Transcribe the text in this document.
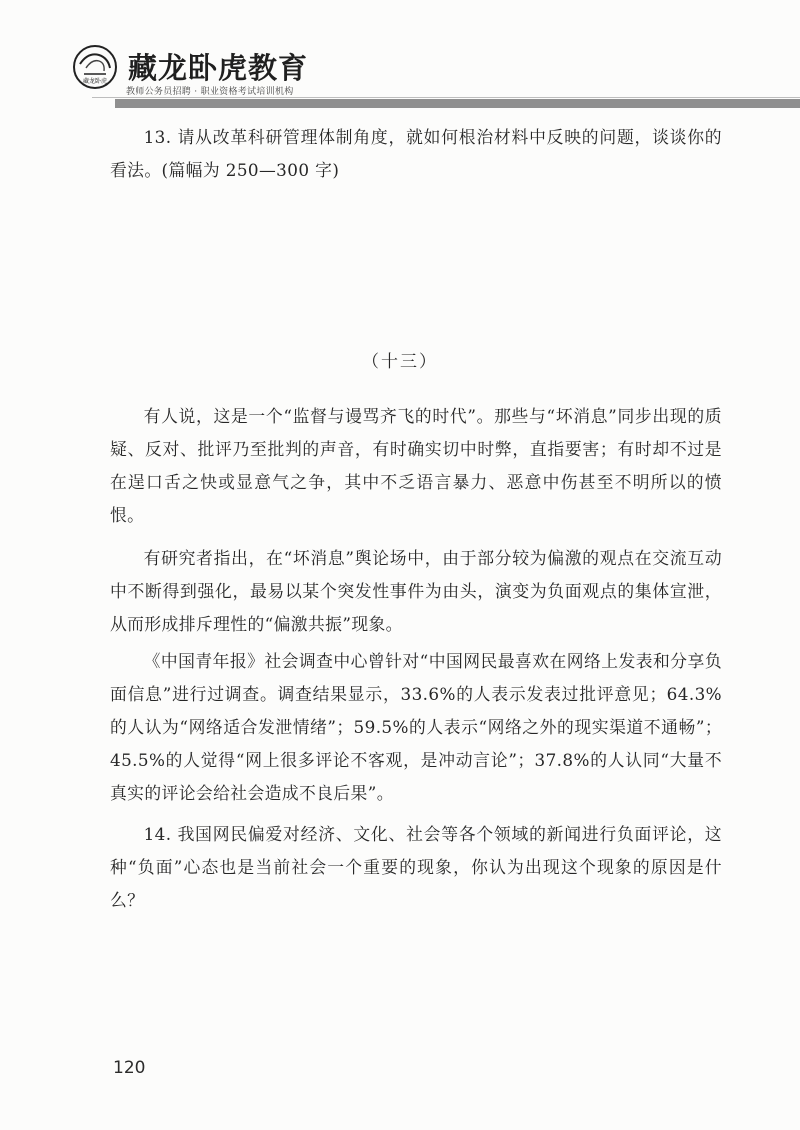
藏龙卧虎 藏龙卧虎教育
教师公务员招聘 · 职业资格考试培训机构
13. 请从改革科研管理体制角度，就如何根治材料中反映的问题，谈谈你的看法。(篇幅为 250—300 字)
（十三）
有人说，这是一个“监督与谩骂齐飞的时代”。那些与“坏消息”同步出现的质疑、反对、批评乃至批判的声音，有时确实切中时弊，直指要害；有时却不过是在逞口舌之快或显意气之争，其中不乏语言暴力、恶意中伤甚至不明所以的愤恨。
有研究者指出，在“坏消息”舆论场中，由于部分较为偏激的观点在交流互动中不断得到强化，最易以某个突发性事件为由头，演变为负面观点的集体宣泄，从而形成排斥理性的“偏激共振”现象。
《中国青年报》社会调查中心曾针对“中国网民最喜欢在网络上发表和分享负面信息”进行过调查。调查结果显示，33.6%的人表示发表过批评意见；64.3%的人认为“网络适合发泄情绪”；59.5%的人表示“网络之外的现实渠道不通畅”；45.5%的人觉得“网上很多评论不客观，是冲动言论”；37.8%的人认同“大量不真实的评论会给社会造成不良后果”。
14. 我国网民偏爱对经济、文化、社会等各个领域的新闻进行负面评论，这种“负面”心态也是当前社会一个重要的现象，你认为出现这个现象的原因是什么？
120
